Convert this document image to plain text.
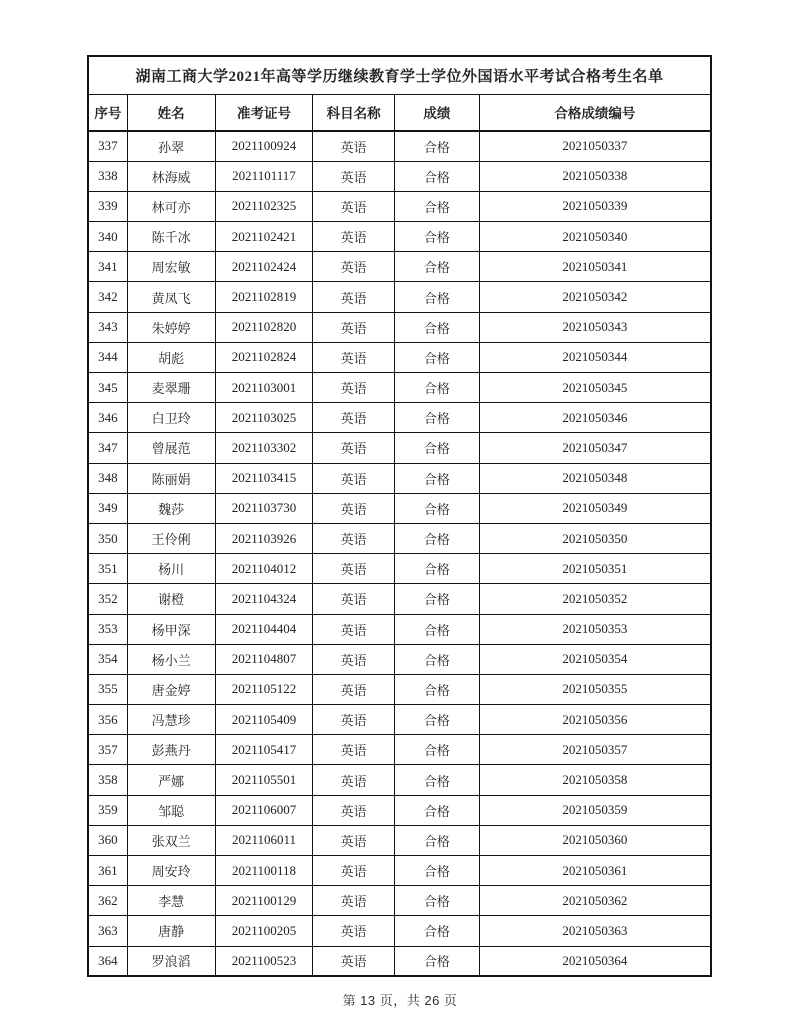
湖南工商大学2021年高等学历继续教育学士学位外国语水平考试合格考生名单					
序号	姓名	准考证号	科目名称	成绩	合格成绩编号
337	孙翠	2021100924	英语	合格	2021050337
338	林海威	2021101117	英语	合格	2021050338
339	林可亦	2021102325	英语	合格	2021050339
340	陈千冰	2021102421	英语	合格	2021050340
341	周宏敏	2021102424	英语	合格	2021050341
342	黄凤飞	2021102819	英语	合格	2021050342
343	朱婷婷	2021102820	英语	合格	2021050343
344	胡彪	2021102824	英语	合格	2021050344
345	麦翠珊	2021103001	英语	合格	2021050345
346	白卫玲	2021103025	英语	合格	2021050346
347	曾展范	2021103302	英语	合格	2021050347
348	陈丽娟	2021103415	英语	合格	2021050348
349	魏莎	2021103730	英语	合格	2021050349
350	王伶俐	2021103926	英语	合格	2021050350
351	杨川	2021104012	英语	合格	2021050351
352	谢橙	2021104324	英语	合格	2021050352
353	杨甲深	2021104404	英语	合格	2021050353
354	杨小兰	2021104807	英语	合格	2021050354
355	唐金婷	2021105122	英语	合格	2021050355
356	冯慧珍	2021105409	英语	合格	2021050356
357	彭燕丹	2021105417	英语	合格	2021050357
358	严娜	2021105501	英语	合格	2021050358
359	邹聪	2021106007	英语	合格	2021050359
360	张双兰	2021106011	英语	合格	2021050360
361	周安玲	2021100118	英语	合格	2021050361
362	李慧	2021100129	英语	合格	2021050362
363	唐静	2021100205	英语	合格	2021050363
364	罗浪滔	2021100523	英语	合格	2021050364
第 13 页，共 26 页
